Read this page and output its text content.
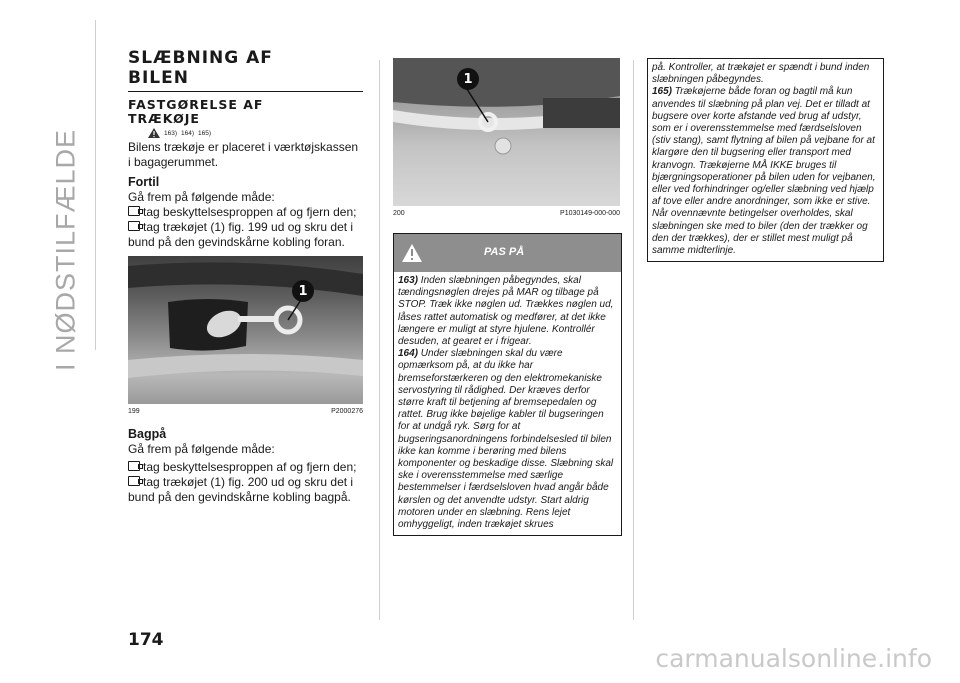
I NØDSTILFÆLDE
SLÆBNING AF
BILEN
FASTGØRELSE AF
TRÆKØJE
163) 164) 165)
Bilens trækøje er placeret i værktøjskassen i bagagerummet.
Fortil
Gå frem på følgende måde:
tag beskyttelsesproppen af og fjern den;
tag trækøjet (1) fig. 199 ud og skru det i bund på den gevindskårne kobling foran.
1
199	P2000276
Bagpå
Gå frem på følgende måde:
tag beskyttelsesproppen af og fjern den;
tag trækøjet (1) fig. 200 ud og skru det i bund på den gevindskårne kobling bagpå.
174
1
200	P1030149-000-000
PAS PÅ
163) Inden slæbningen påbegyndes, skal tændingsnøglen drejes på MAR og tilbage på STOP. Træk ikke nøglen ud. Trækkes nøglen ud, låses rattet automatisk og medfører, at det ikke længere er muligt at styre hjulene. Kontrollér desuden, at gearet er i frigear.
164) Under slæbningen skal du være opmærksom på, at du ikke har bremseforstærkeren og den elektromekaniske servostyring til rådighed. Der kræves derfor større kraft til betjening af bremsepedalen og rattet. Brug ikke bøjelige kabler til bugseringen for at undgå ryk. Sørg for at bugseringsanordningens forbindelsesled til bilen ikke kan komme i berøring med bilens komponenter og beskadige disse. Slæbning skal ske i overensstemmelse med særlige bestemmelser i færdselsloven hvad angår både kørslen og det anvendte udstyr. Start aldrig motoren under en slæbning. Rens lejet omhyggeligt, inden trækøjet skrues
på. Kontroller, at trækøjet er spændt i bund inden slæbningen påbegyndes.
165) Trækøjerne både foran og bagtil må kun anvendes til slæbning på plan vej. Det er tilladt at bugsere over korte afstande ved brug af udstyr, som er i overensstemmelse med færdselsloven (stiv stang), samt flytning af bilen på vejbane for at klargøre den til bugsering eller transport med kranvogn. Trækøjerne MÅ IKKE bruges til bjærgningsoperationer på bilen uden for vejbanen, eller ved forhindringer og/eller slæbning ved hjælp af tove eller andre anordninger, som ikke er stive. Når ovennævnte betingelser overholdes, skal slæbningen ske med to biler (den der trækker og den der trækkes), der er stillet mest muligt på samme midterlinje.
carmanualsonline.info
